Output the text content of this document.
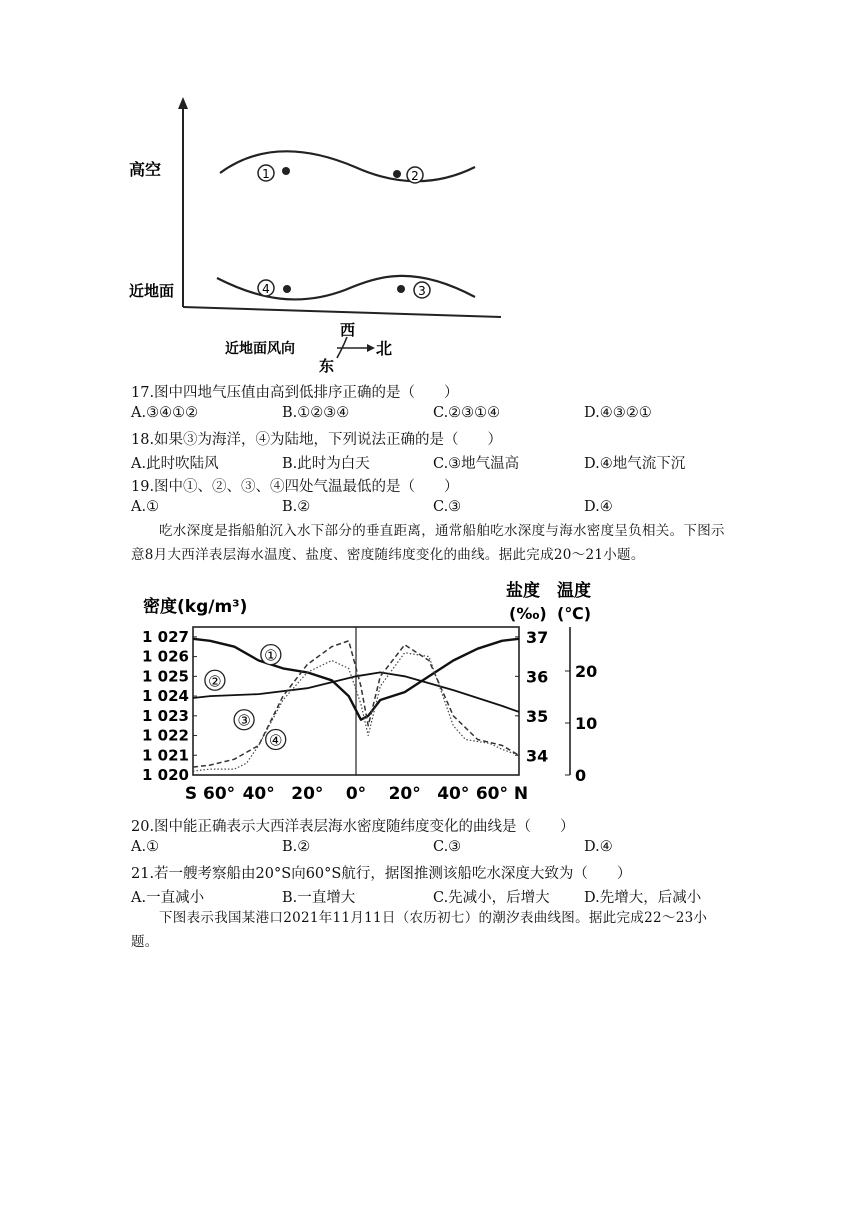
高空
近地面
1	2
4	3
近地面风向
西
东
北
17.图中四地气压值由高到低排序正确的是（　　）
A.③④①②	B.①②③④	C.②③①④	D.④③②①
18.如果③为海洋，④为陆地，下列说法正确的是（　　）
A.此时吹陆风	B.此时为白天	C.③地气温高	D.④地气流下沉
19.图中①、②、③、④四处气温最低的是（　　）
A.①	B.②	C.③	D.④
吃水深度是指船舶沉入水下部分的垂直距离，通常船舶吃水深度与海水密度呈负相关。下图示意8月大西洋表层海水温度、盐度、密度随纬度变化的曲线。据此完成20～21小题。
密度(kg/m³)
盐度
(‰)
温度
(℃)
1 027
1 026
1 025
1 024
1 023
1 022
1 021
1 020
37
36
35
34
20
10
0
S 60° 40° 20° 0° 20° 40° 60° N
①
②
③
④
20.图中能正确表示大西洋表层海水密度随纬度变化的曲线是（　　）
A.①	B.②	C.③	D.④
21.若一艘考察船由20°S向60°S航行，据图推测该船吃水深度大致为（　　）
A.一直减小	B.一直增大	C.先减小，后增大 D.先增大，后减小
下图表示我国某港口2021年11月11日（农历初七）的潮汐表曲线图。据此完成22～23小题。
